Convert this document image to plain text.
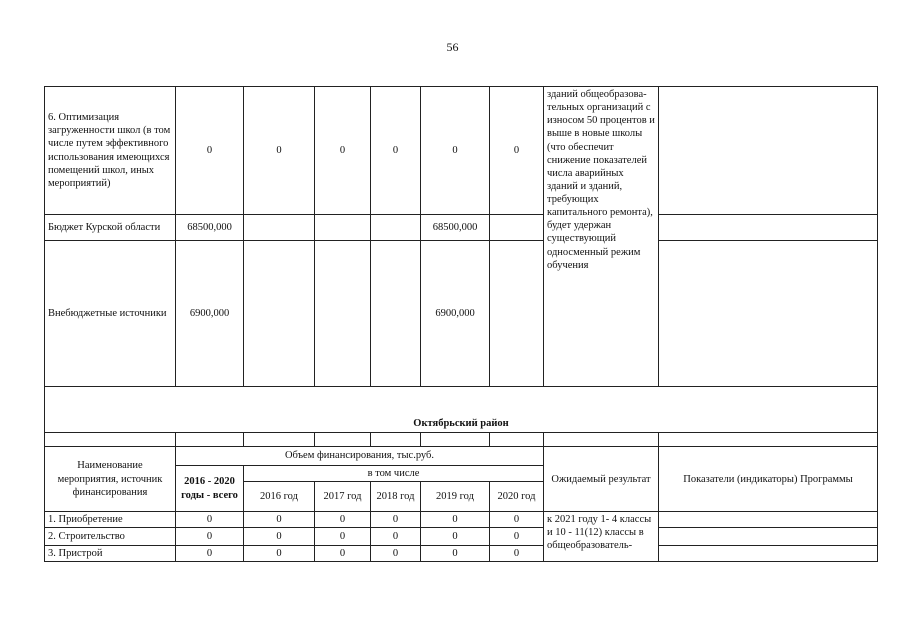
56
6. Оптимизация загруженности школ (в том числе путем эффективного использования имеющихся помещений школ, иных мероприятий)	0	0	0	0	0	0	зданий общеобразова-тельных организаций с износом 50 процентов и выше в новые школы (что обеспечит снижение показателей числа аварийных зданий и зданий, требующих капитального ремонта), будет удержан существующий односменный режим обучения	
Бюджет Курской области	68500,000				68500,000			
Внебюджетные источники	6900,000				6900,000			
Октябрьский район								

Наименование мероприятия, источник финансирования	Объем финансирования, тыс.руб.						Ожидаемый результат	Показатели (индикаторы) Программы
	2016 - 2020 годы - всего	в том числе						
		2016 год	2017 год	2018 год	2019 год	2020 год		
1. Приобретение	0	0	0	0	0	0	к 2021 году 1- 4 классы и 10 - 11(12) классы в общеобразователь-	
2. Строительство	0	0	0	0	0	0		
3. Пристрой	0	0	0	0	0	0		
